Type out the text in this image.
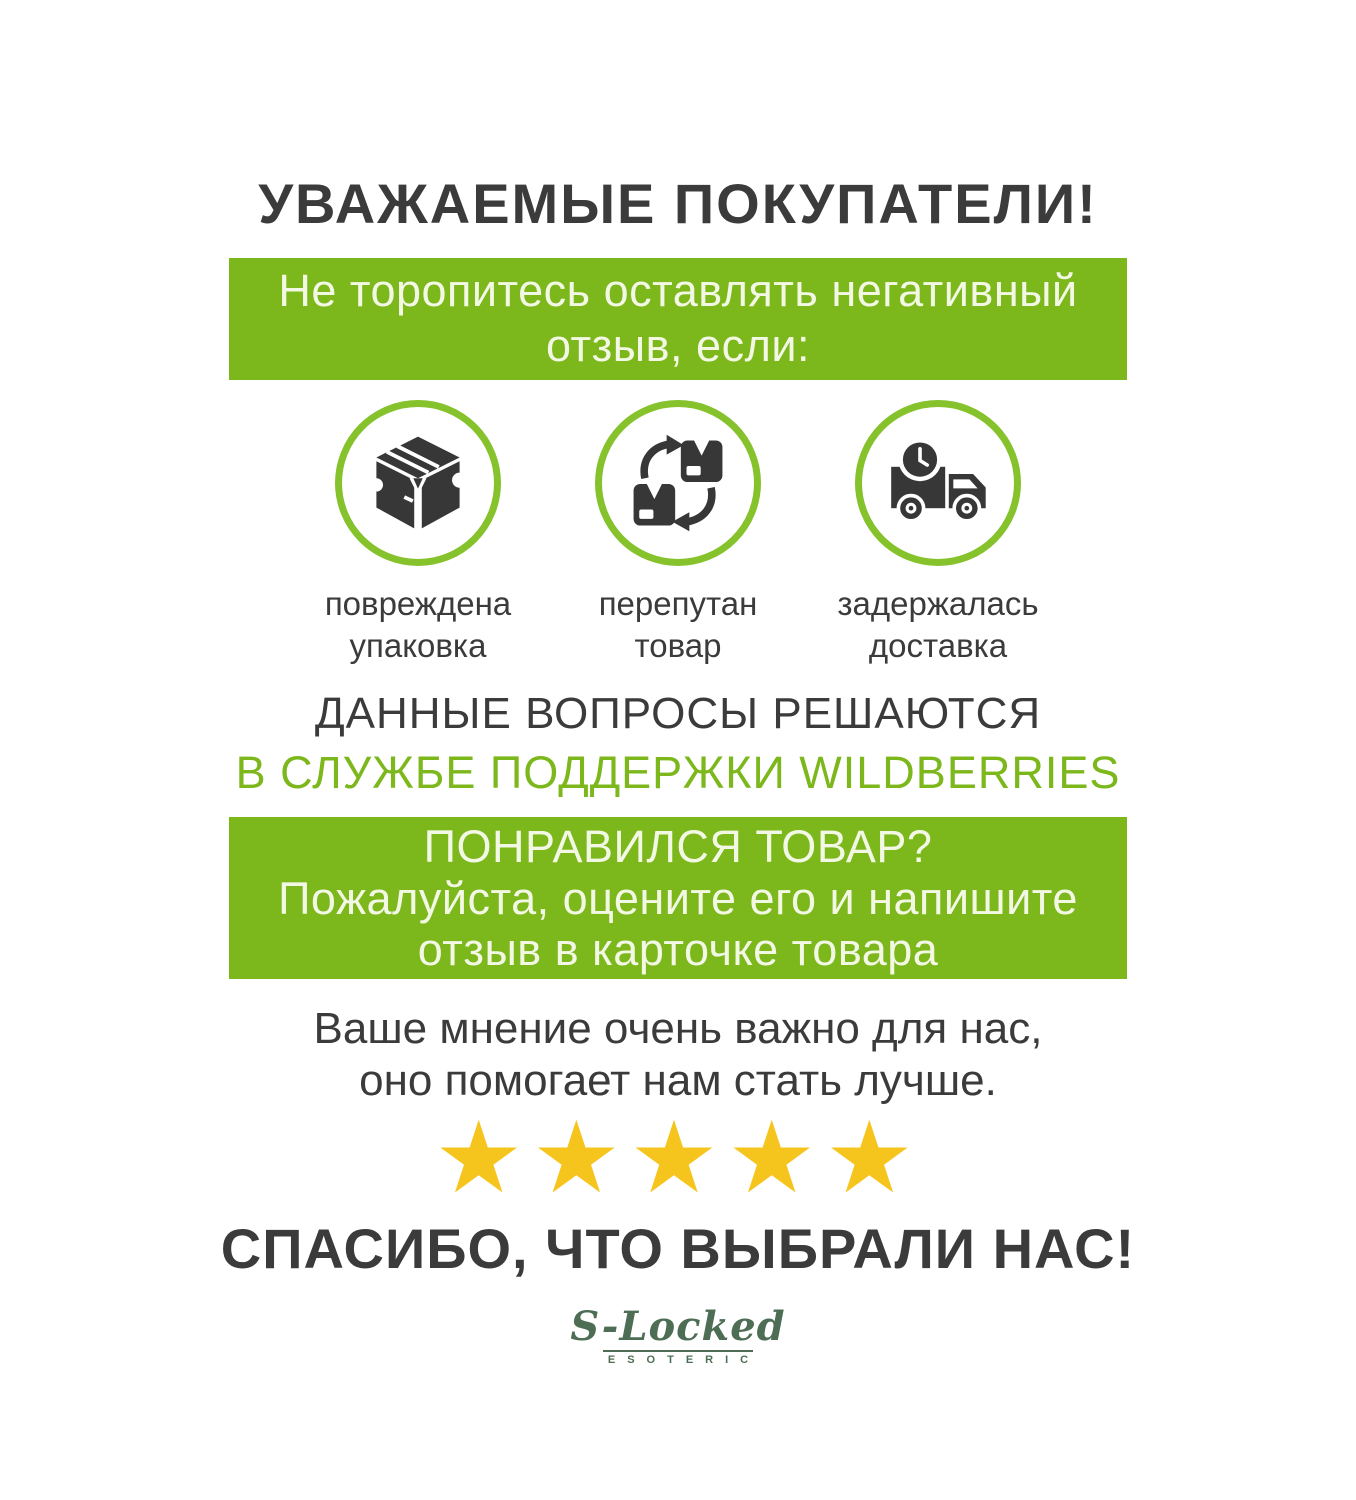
УВАЖАЕМЫЕ ПОКУПАТЕЛИ!
Не торопитесь оставлять негативный
отзыв, если:
повреждена
упаковка
перепутан
товар
задержалась
доставка
ДАННЫЕ ВОПРОСЫ РЕШАЮТСЯ
В СЛУЖБЕ ПОДДЕРЖКИ WILDBERRIES
ПОНРАВИЛСЯ ТОВАР?
Пожалуйста, оцените его и напишите
отзыв в карточке товара
Ваше мнение очень важно для нас,
оно помогает нам стать лучше.
★★★★★
СПАСИБО, ЧТО ВЫБРАЛИ НАС!
S-Locked
ESOTERIC
